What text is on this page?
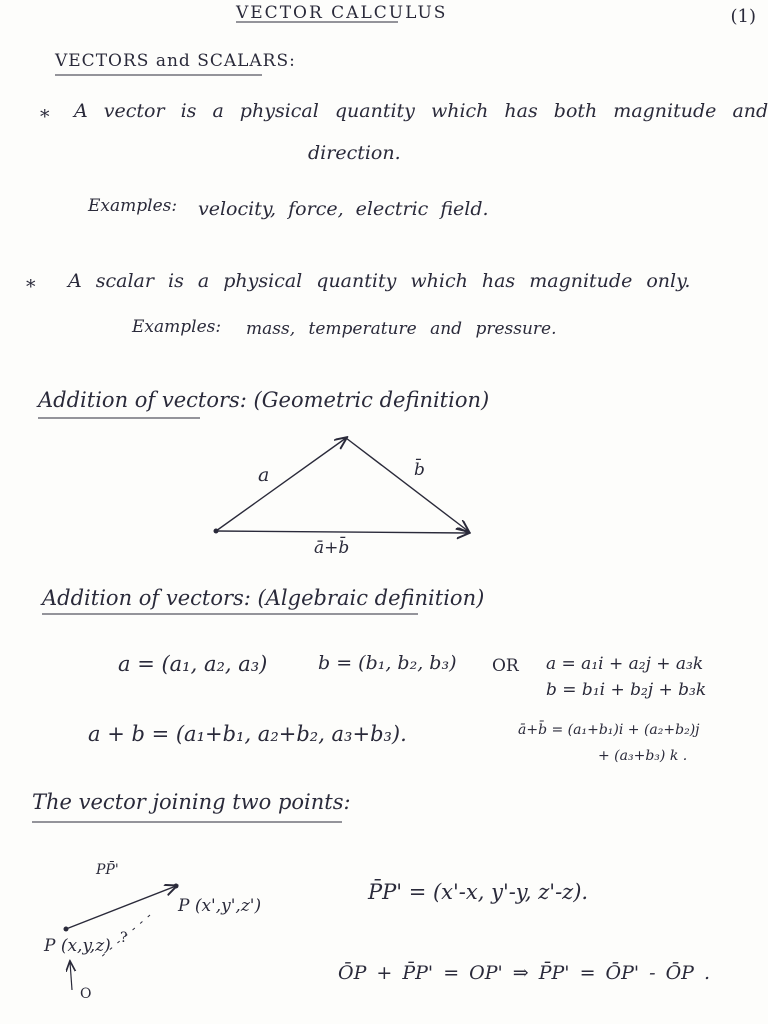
VECTOR CALCULUS	(1)
VECTORS and SCALARS:
* A vector is a physical quantity which has both magnitude and
direction.
Examples: velocity, force, electric field.
* A scalar is a physical quantity which has magnitude only.
Examples: mass, temperature and pressure.
Addition of vectors: (Geometric definition)
a	b̄
ā+b̄
Addition of vectors: (Algebraic definition)
a = (a₁, a₂, a₃)	b = (b₁, b₂, b₃) OR a = a₁i + a₂j + a₃k
b = b₁i + b₂j + b₃k
a + b = (a₁+b₁, a₂+b₂, a₃+b₃).	ā+b̄ = (a₁+b₁)i + (a₂+b₂)j
+ (a₃+b₃) k .
The vector joining two points:
PP̄'
P (x',y',z')
P (x,y,z) ?
O
P̄P' = (x'-x, y'-y, z'-z).
ŌP + P̄P' = OP' ⇒ P̄P' = ŌP' - ŌP .
